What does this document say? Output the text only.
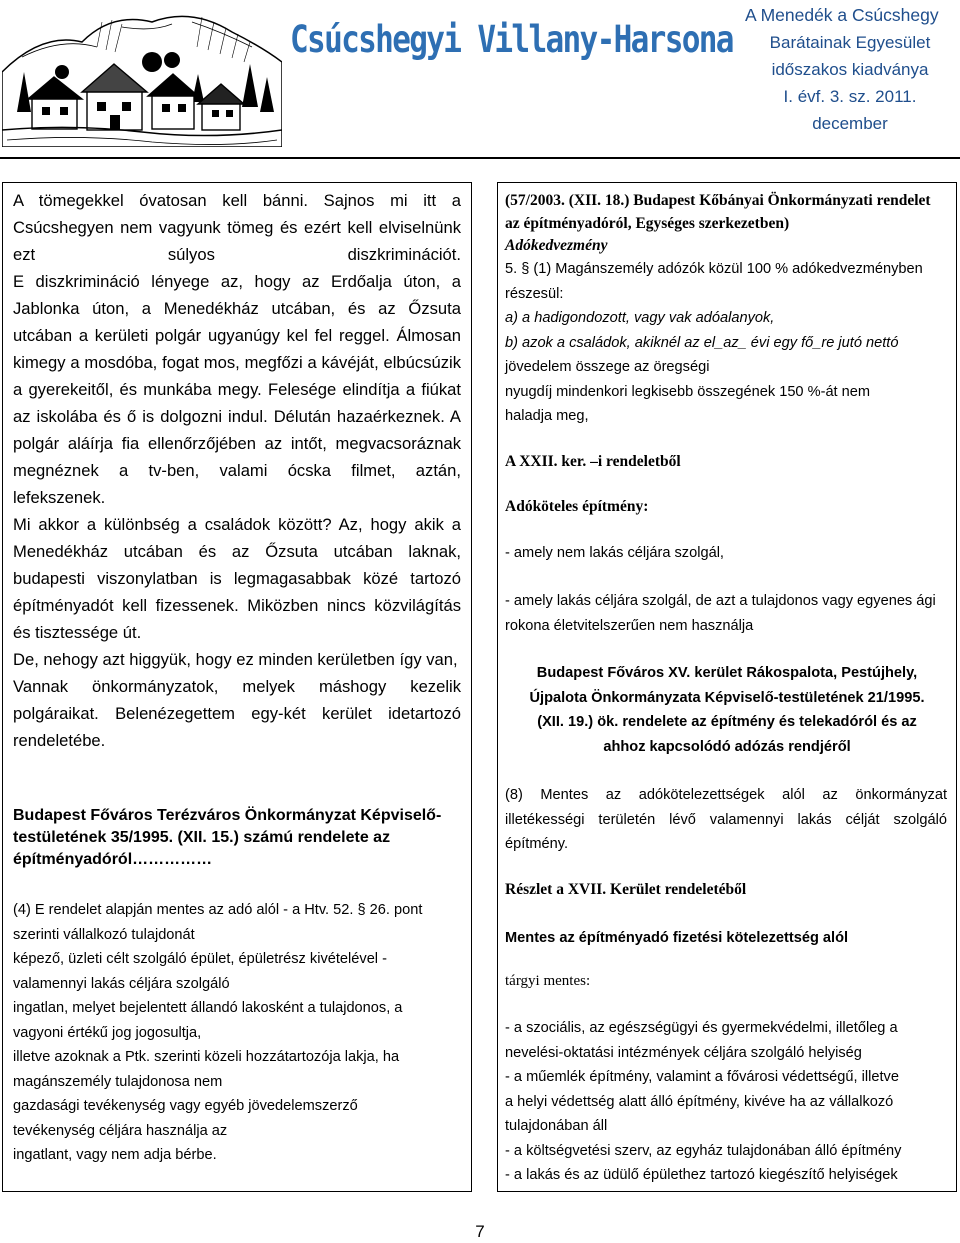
Csúcshegyi Villany-Harsona
A Menedék a Csúcshegy
Barátainak Egyesület
időszakos kiadványa
I. évf. 3. sz. 2011.
december

A tömegekkel óvatosan kell bánni. Sajnos mi itt a Csúcshegyen nem vagyunk tömeg és ezért kell elviselnünk ezt súlyos diszkriminációt.

E diszkrimináció lényege az, hogy az Erdőalja úton, a Jablonka úton, a Menedékház utcában, és az Őzsuta utcában a kerületi polgár ugyanúgy kel fel reggel. Álmosan kimegy a mosdóba, fogat mos, megfőzi a kávéját, elbúcsúzik a gyerekeitől, és munkába megy. Felesége elindítja a fiúkat az iskolába és ő is dolgozni indul. Délután hazaérkeznek. A polgár aláírja fia ellenőrzőjében az intőt, megvacsoráznak megnéznek a tv-ben, valami ócska filmet, aztán, lefekszenek.

Mi akkor a különbség a családok között? Az, hogy akik a Menedékház utcában és az Őzsuta utcában laknak, budapesti viszonylatban is legmagasabbak közé tartozó építményadót kell fizessenek. Miközben nincs közvilágítás és tisztessége út.

De, nehogy azt higgyük, hogy ez minden kerületben így van,

Vannak önkormányzatok, melyek máshogy kezelik polgáraikat. Belenézegettem egy-két kerület idetartozó rendeletébe.

Budapest Főváros Terézváros Önkormányzat Képviselő-testületének 35/1995. (XII. 15.) számú rendelete az építményadóról……………

(4) E rendelet alapján mentes az adó alól - a Htv. 52. § 26. pont

szerinti vállalkozó tulajdonát

képező, üzleti célt szolgáló épület, épületrész kivételével -

valamennyi lakás céljára szolgáló

ingatlan, melyet bejelentett állandó lakosként a tulajdonos, a

vagyoni értékű jog jogosultja,

illetve azoknak a Ptk. szerinti közeli hozzátartozója lakja, ha

magánszemély tulajdonosa nem

gazdasági tevékenység vagy egyéb jövedelemszerző

tevékenység céljára használja az

ingatlant, vagy nem adja bérbe.

(57/2003. (XII. 18.) Budapest Kőbányai Önkormányzati rendelet az építményadóról, Egységes szerkezetben)

Adókedvezmény

5. § (1) Magánszemély adózók közül 100 % adókedvezményben

részesül:

a) a hadigondozott, vagy vak adóalanyok,

b) azok a családok, akiknél az el_az_ évi egy fő_re jutó nettó

jövedelem összege az öregségi

nyugdíj mindenkori legkisebb összegének 150 %-át nem

haladja meg,

A XXII. ker. –i rendeletből
Adóköteles építmény:
- amely nem lakás céljára szolgál,
- amely lakás céljára szolgál, de azt a tulajdonos vagy egyenes ági rokona életvitelszerűen nem használja

Budapest Főváros XV. kerület Rákospalota, Pestújhely, Újpalota Önkormányzata Képviselő-testületének 21/1995. (XII. 19.) ök. rendelete az építmény és telekadóról és az ahhoz kapcsolódó adózás rendjéről

(8) Mentes az adókötelezettségek alól az önkormányzat illetékességi területén lévő valamennyi lakás célját szolgáló építmény.

Részlet a XVII. Kerület rendeletéből
Mentes az építményadó fizetési kötelezettség alól
tárgyi mentes:

- a szociális, az egészségügyi és gyermekvédelmi, illetőleg a

nevelési-oktatási intézmények céljára szolgáló helyiség

- a műemlék építmény, valamint a fővárosi védettségű, illetve

a helyi védettség alatt álló építmény, kivéve ha az vállalkozó

tulajdonában áll

- a költségvetési szerv, az egyház tulajdonában álló építmény

- a lakás és az üdülő épülethez tartozó kiegészítő helyiségek

7
